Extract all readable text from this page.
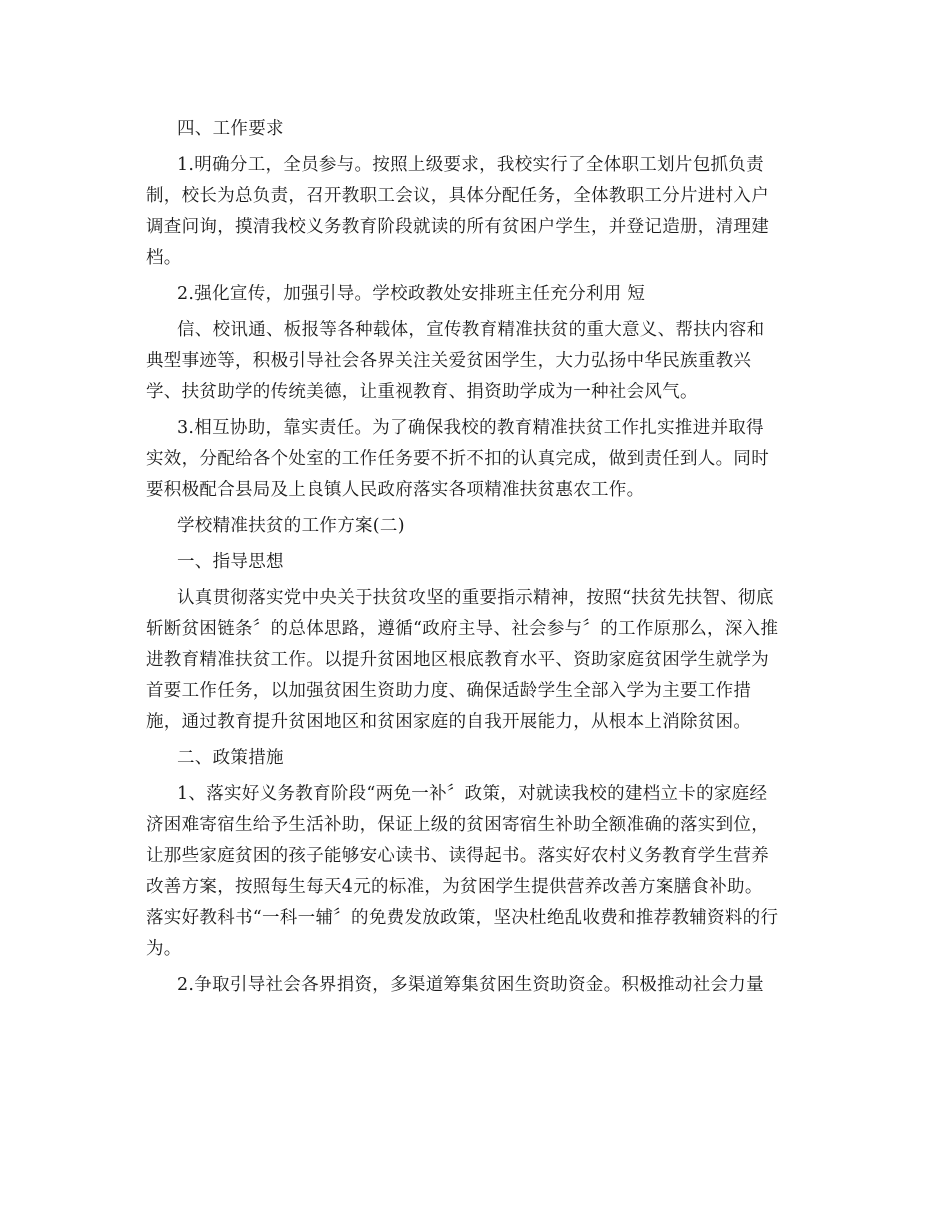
四、工作要求
1.明确分工，全员参与。按照上级要求，我校实行了全体职工划片包抓负责
制，校长为总负责，召开教职工会议，具体分配任务，全体教职工分片进村入户
调查问询，摸清我校义务教育阶段就读的所有贫困户学生，并登记造册，清理建
档。
2.强化宣传，加强引导。学校政教处安排班主任充分利用 短
信、校讯通、板报等各种载体，宣传教育精准扶贫的重大意义、帮扶内容和
典型事迹等，积极引导社会各界关注关爱贫困学生，大力弘扬中华民族重教兴
学、扶贫助学的传统美德，让重视教育、捐资助学成为一种社会风气。
3.相互协助，靠实责任。为了确保我校的教育精准扶贫工作扎实推进并取得
实效，分配给各个处室的工作任务要不折不扣的认真完成，做到责任到人。同时
要积极配合县局及上良镇人民政府落实各项精准扶贫惠农工作。
学校精准扶贫的工作方案(二)
一、指导思想
认真贯彻落实党中央关于扶贫攻坚的重要指示精神，按照“扶贫先扶智、彻底
斩断贫困链条〞的总体思路，遵循“政府主导、社会参与〞的工作原那么，深入推
进教育精准扶贫工作。以提升贫困地区根底教育水平、资助家庭贫困学生就学为
首要工作任务，以加强贫困生资助力度、确保适龄学生全部入学为主要工作措
施，通过教育提升贫困地区和贫困家庭的自我开展能力，从根本上消除贫困。
二、政策措施
1、落实好义务教育阶段“两免一补〞政策，对就读我校的建档立卡的家庭经
济困难寄宿生给予生活补助，保证上级的贫困寄宿生补助全额准确的落实到位，
让那些家庭贫困的孩子能够安心读书、读得起书。落实好农村义务教育学生营养
改善方案，按照每生每天4元的标准，为贫困学生提供营养改善方案膳食补助。
落实好教科书“一科一辅〞的免费发放政策，坚决杜绝乱收费和推荐教辅资料的行
为。
2.争取引导社会各界捐资，多渠道筹集贫困生资助资金。积极推动社会力量
